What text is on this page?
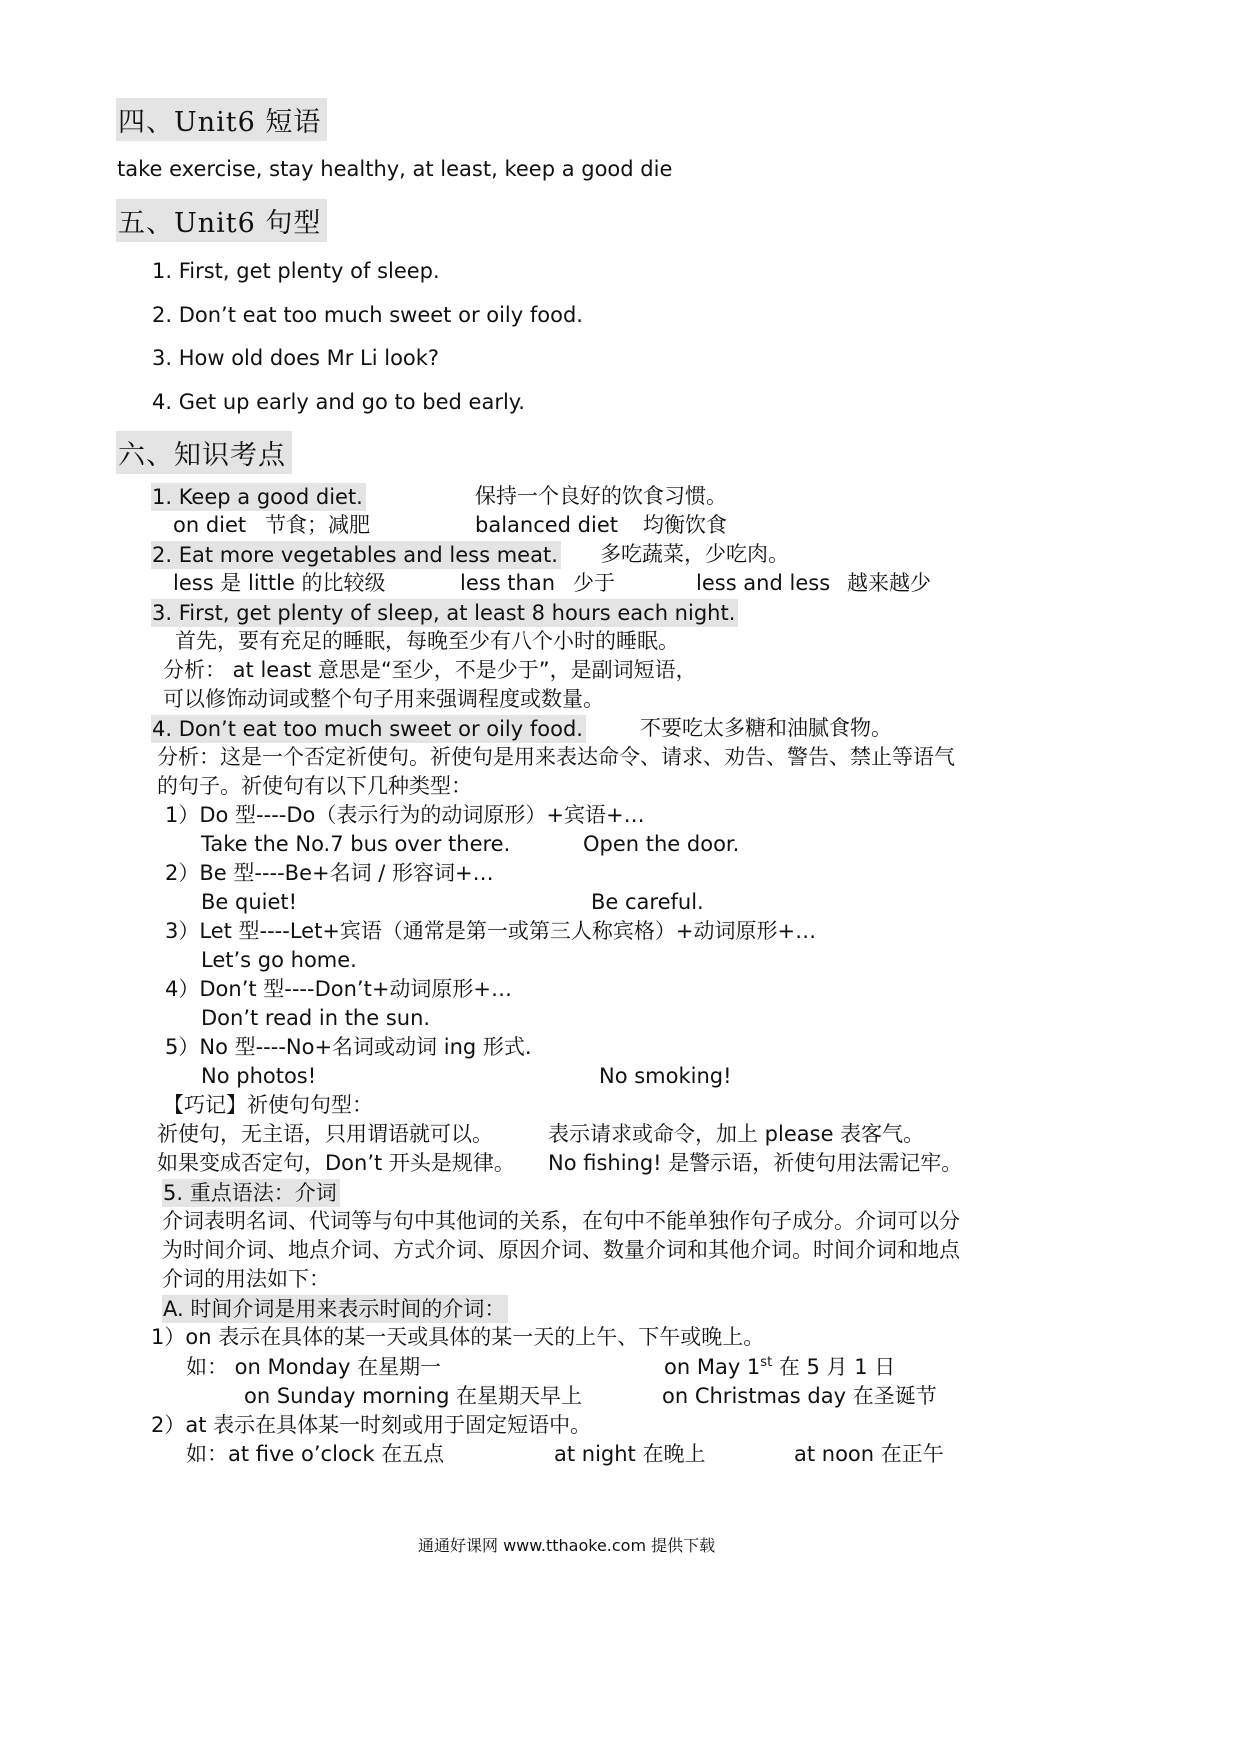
四、Unit6 短语
take exercise, stay healthy, at least, keep a good die
五、Unit6 句型
1. First, get plenty of sleep.
2. Don’t eat too much sweet or oily food.
3. How old does Mr Li look?
4. Get up early and go to bed early.
六、知识考点
1. Keep a good diet.	保持一个良好的饮食习惯。
on diet 节食；减肥	balanced diet 均衡饮食
2. Eat more vegetables and less meat. 多吃蔬菜，少吃肉。
less 是 little 的比较级	less than 少于	less and less 越来越少
3. First, get plenty of sleep, at least 8 hours each night.
首先，要有充足的睡眠，每晚至少有八个小时的睡眠。
分析： at least 意思是“至少，不是少于”，是副词短语，
可以修饰动词或整个句子用来强调程度或数量。
4. Don’t eat too much sweet or oily food.	不要吃太多糖和油腻食物。
分析：这是一个否定祈使句。祈使句是用来表达命令、请求、劝告、警告、禁止等语气
的句子。祈使句有以下几种类型：
1）Do 型----Do（表示行为的动词原形）+宾语+…
Take the No.7 bus over there.	Open the door.
2）Be 型----Be+名词 / 形容词+…
Be quiet!	Be careful.
3）Let 型----Let+宾语（通常是第一或第三人称宾格）+动词原形+…
Let’s go home.
4）Don’t 型----Don’t+动词原形+…
Don’t read in the sun.
5）No 型----No+名词或动词 ing 形式.
No photos!	No smoking!
【巧记】祈使句句型：
祈使句，无主语，只用谓语就可以。	表示请求或命令，加上 please 表客气。
如果变成否定句，Don’t 开头是规律。 No fishing! 是警示语，祈使句用法需记牢。
5. 重点语法：介词
介词表明名词、代词等与句中其他词的关系，在句中不能单独作句子成分。介词可以分
为时间介词、地点介词、方式介词、原因介词、数量介词和其他介词。时间介词和地点
介词的用法如下：
A. 时间介词是用来表示时间的介词：
1）on 表示在具体的某一天或具体的某一天的上午、下午或晚上。
如： on Monday 在星期一	on May 1st 在 5 月 1 日
on Sunday morning 在星期天早上	on Christmas day 在圣诞节
2）at 表示在具体某一时刻或用于固定短语中。
如：at five o’clock 在五点	at night 在晚上	at noon 在正午
通通好课网 www.tthaoke.com 提供下载
